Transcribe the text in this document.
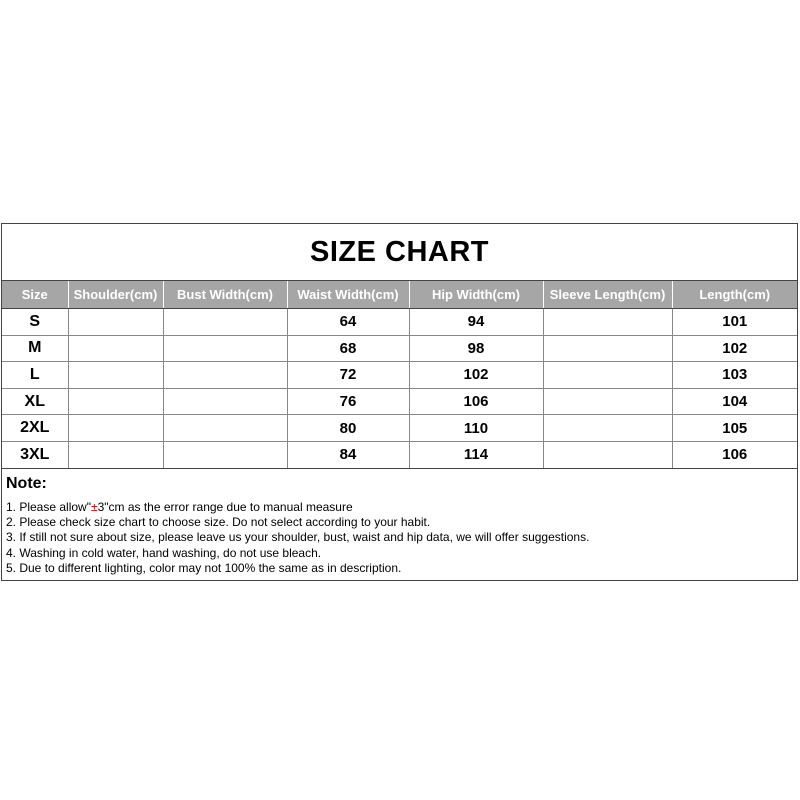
SIZE CHART
Size	Shoulder(cm)	Bust Width(cm)	Waist Width(cm)	Hip Width(cm)	Sleeve Length(cm)	Length(cm)
S			64	94		101
M			68	98		102
L			72	102		103
XL			76	106		104
2XL			80	110		105
3XL			84	114		106
Note:
1. Please allow"±3"cm as the error range due to manual measure
2. Please check size chart to choose size. Do not select according to your habit.
3. If still not sure about size, please leave us your shoulder, bust, waist and hip data, we will offer suggestions.
4. Washing in cold water, hand washing, do not use bleach.
5. Due to different lighting, color may not 100% the same as in description.
